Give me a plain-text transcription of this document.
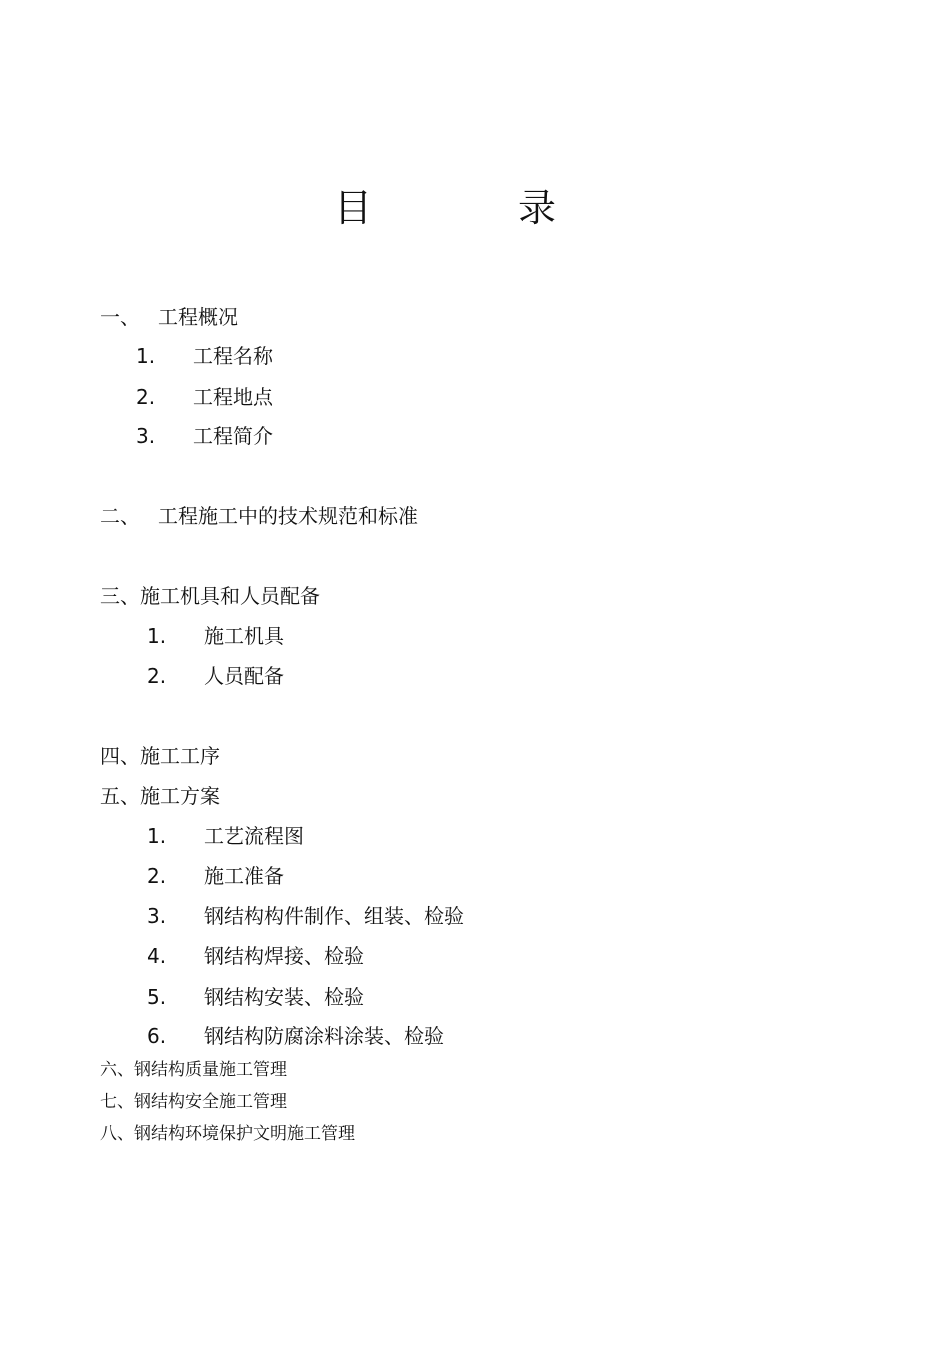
目	录
一、 工程概况
1. 工程名称
2. 工程地点
3. 工程简介
二、 工程施工中的技术规范和标准
三、施工机具和人员配备
1. 施工机具
2. 人员配备
四、施工工序
五、施工方案
1. 工艺流程图
2. 施工准备
3. 钢结构构件制作、组装、检验
4. 钢结构焊接、检验
5. 钢结构安装、检验
6. 钢结构防腐涂料涂装、检验
六、钢结构质量施工管理
七、钢结构安全施工管理
八、钢结构环境保护文明施工管理
